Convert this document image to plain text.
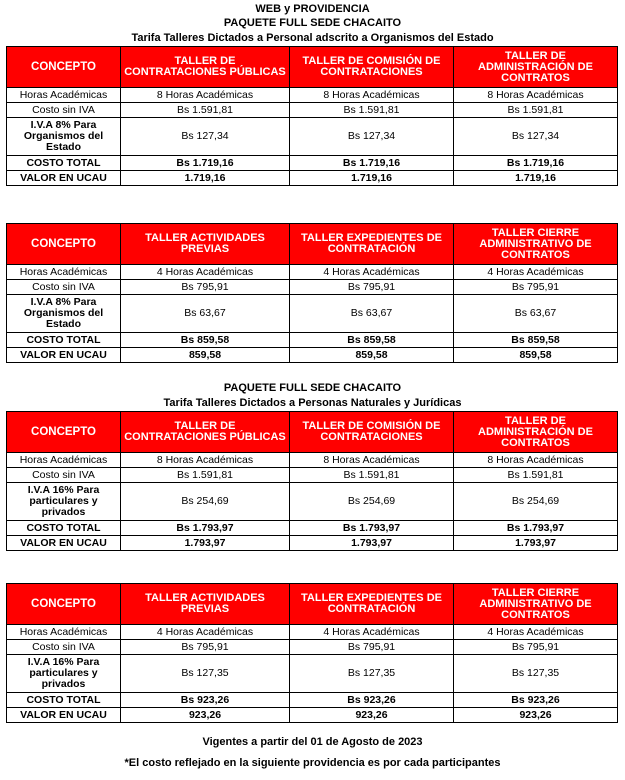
WEB y PROVIDENCIA
PAQUETE FULL SEDE CHACAITO
Tarifa Talleres Dictados a Personal adscrito a Organismos del Estado
CONCEPTO	TALLER DE CONTRATACIONES PÚBLICAS	TALLER DE COMISIÓN DE CONTRATACIONES	TALLER DE ADMINISTRACIÓN DE CONTRATOS
Horas Académicas	8 Horas Académicas	8 Horas Académicas	8 Horas Académicas
Costo sin IVA	Bs 1.591,81	Bs 1.591,81	Bs 1.591,81
I.V.A 8% Para Organismos del Estado	Bs 127,34	Bs 127,34	Bs 127,34
COSTO TOTAL	Bs 1.719,16	Bs 1.719,16	Bs 1.719,16
VALOR EN UCAU	1.719,16	1.719,16	1.719,16
CONCEPTO	TALLER ACTIVIDADES PREVIAS	TALLER EXPEDIENTES DE CONTRATACIÓN	TALLER CIERRE ADMINISTRATIVO DE CONTRATOS
Horas Académicas	4 Horas Académicas	4 Horas Académicas	4 Horas Académicas
Costo sin IVA	Bs 795,91	Bs 795,91	Bs 795,91
I.V.A 8% Para Organismos del Estado	Bs 63,67	Bs 63,67	Bs 63,67
COSTO TOTAL	Bs 859,58	Bs 859,58	Bs 859,58
VALOR EN UCAU	859,58	859,58	859,58
PAQUETE FULL SEDE CHACAITO
Tarifa Talleres Dictados a Personas Naturales y Jurídicas
CONCEPTO	TALLER DE CONTRATACIONES PÚBLICAS	TALLER DE COMISIÓN DE CONTRATACIONES	TALLER DE ADMINISTRACIÓN DE CONTRATOS
Horas Académicas	8 Horas Académicas	8 Horas Académicas	8 Horas Académicas
Costo sin IVA	Bs 1.591,81	Bs 1.591,81	Bs 1.591,81
I.V.A 16% Para particulares y privados	Bs 254,69	Bs 254,69	Bs 254,69
COSTO TOTAL	Bs 1.793,97	Bs 1.793,97	Bs 1.793,97
VALOR EN UCAU	1.793,97	1.793,97	1.793,97
CONCEPTO	TALLER ACTIVIDADES PREVIAS	TALLER EXPEDIENTES DE CONTRATACIÓN	TALLER CIERRE ADMINISTRATIVO DE CONTRATOS
Horas Académicas	4 Horas Académicas	4 Horas Académicas	4 Horas Académicas
Costo sin IVA	Bs 795,91	Bs 795,91	Bs 795,91
I.V.A 16% Para particulares y privados	Bs 127,35	Bs 127,35	Bs 127,35
COSTO TOTAL	Bs 923,26	Bs 923,26	Bs 923,26
VALOR EN UCAU	923,26	923,26	923,26
Vigentes a partir del 01 de Agosto de 2023
*El costo reflejado en la siguiente providencia es por cada participantes
